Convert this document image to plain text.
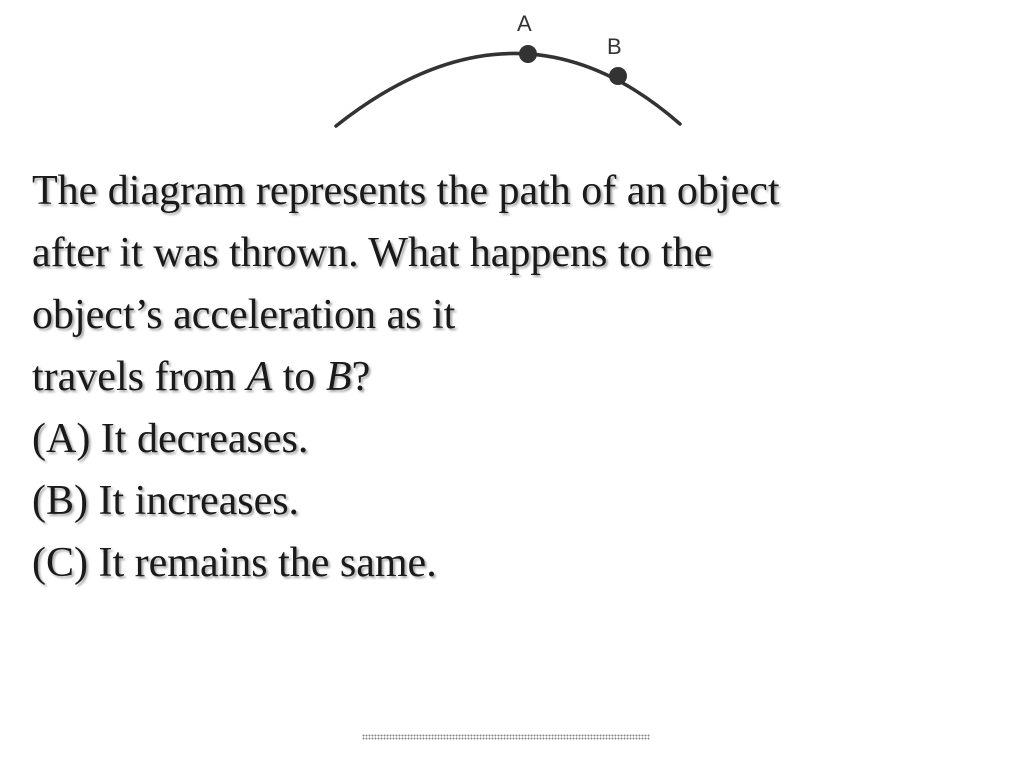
A
B
The diagram represents the path of an object
after it was thrown. What happens to the
object’s acceleration as it
travels from A to B?
(A) It decreases.
(B) It increases.
(C) It remains the same.
